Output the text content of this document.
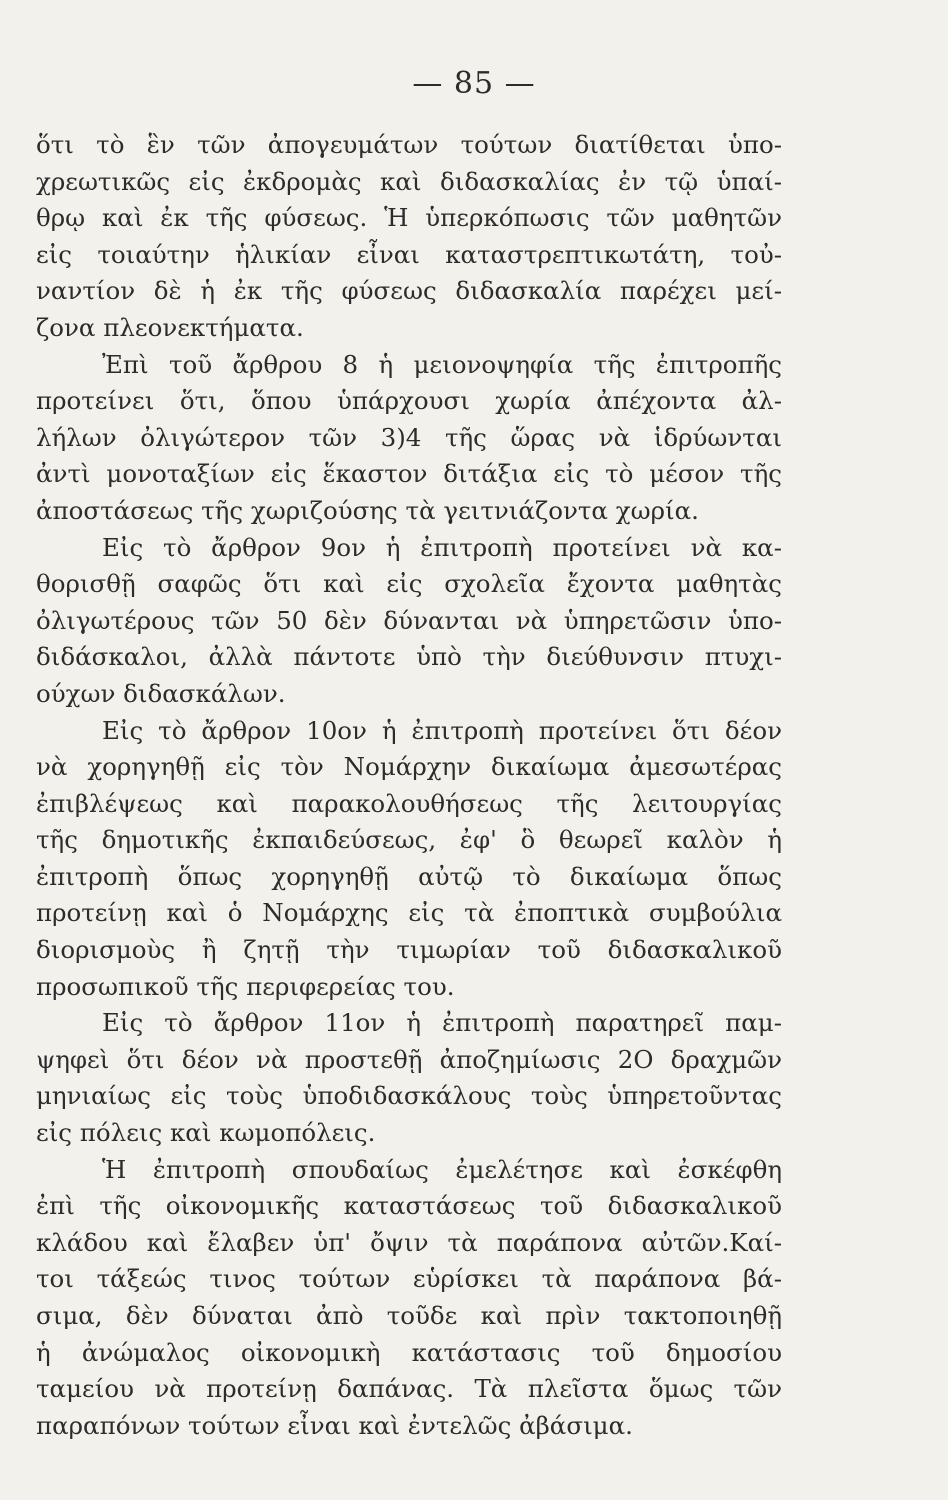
— 85 —
ὅτι τὸ ἓν τῶν ἀπογευμάτων τούτων διατίθεται ὑπο-
χρεωτικῶς εἰς ἐκδρομὰς καὶ διδασκαλίας ἐν τῷ ὑπαί-
θρῳ καὶ ἐκ τῆς φύσεως. Ἡ ὑπερκόπωσις τῶν μαθητῶν
εἰς τοιαύτην ἡλικίαν εἶναι καταστρεπτικωτάτη, τοὐ-
ναντίον δὲ ἡ ἐκ τῆς φύσεως διδασκαλία παρέχει μεί-
ζονα πλεονεκτήματα.
Ἐπὶ τοῦ ἄρθρου 8 ἡ μειονοψηφία τῆς ἐπιτροπῆς
προτείνει ὅτι, ὅπου ὑπάρχουσι χωρία ἀπέχοντα ἀλ-
λήλων ὀλιγώτερον τῶν 3)4 τῆς ὥρας νὰ ἱδρύωνται
ἀντὶ μονοταξίων εἰς ἕκαστον διτάξια εἰς τὸ μέσον τῆς
ἀποστάσεως τῆς χωριζούσης τὰ γειτνιάζοντα χωρία.
Εἰς τὸ ἄρθρον 9ον ἡ ἐπιτροπὴ προτείνει νὰ κα-
θορισθῇ σαφῶς ὅτι καὶ εἰς σχολεῖα ἔχοντα μαθητὰς
ὀλιγωτέρους τῶν 50 δὲν δύνανται νὰ ὑπηρετῶσιν ὑπο-
διδάσκαλοι, ἀλλὰ πάντοτε ὑπὸ τὴν διεύθυνσιν πτυχι-
ούχων διδασκάλων.
Εἰς τὸ ἄρθρον 10ον ἡ ἐπιτροπὴ προτείνει ὅτι δέον
νὰ χορηγηθῇ εἰς τὸν Νομάρχην δικαίωμα ἀμεσωτέρας
ἐπιβλέψεως καὶ παρακολουθήσεως τῆς λειτουργίας
τῆς δημοτικῆς ἐκπαιδεύσεως, ἐφ' ὃ θεωρεῖ καλὸν ἡ
ἐπιτροπὴ ὅπως χορηγηθῇ αὐτῷ τὸ δικαίωμα ὅπως
προτείνῃ καὶ ὁ Νομάρχης εἰς τὰ ἐποπτικὰ συμβούλια
διορισμοὺς ἢ ζητῇ τὴν τιμωρίαν τοῦ διδασκαλικοῦ
προσωπικοῦ τῆς περιφερείας του.
Εἰς τὸ ἄρθρον 11ον ἡ ἐπιτροπὴ παρατηρεῖ παμ-
ψηφεὶ ὅτι δέον νὰ προστεθῇ ἀποζημίωσις 2Ο δραχμῶν
μηνιαίως εἰς τοὺς ὑποδιδασκάλους τοὺς ὑπηρετοῦντας
εἰς πόλεις καὶ κωμοπόλεις.
Ἡ ἐπιτροπὴ σπουδαίως ἐμελέτησε καὶ ἐσκέφθη
ἐπὶ τῆς οἰκονομικῆς καταστάσεως τοῦ διδασκαλικοῦ
κλάδου καὶ ἔλαβεν ὑπ' ὄψιν τὰ παράπονα αὐτῶν.Καί-
τοι τάξεώς τινος τούτων εὑρίσκει τὰ παράπονα βά-
σιμα, δὲν δύναται ἀπὸ τοῦδε καὶ πρὶν τακτοποιηθῇ
ἡ ἀνώμαλος οἰκονομικὴ κατάστασις τοῦ δημοσίου
ταμείου νὰ προτείνῃ δαπάνας. Τὰ πλεῖστα ὅμως τῶν
παραπόνων τούτων εἶναι καὶ ἐντελῶς ἀβάσιμα.
